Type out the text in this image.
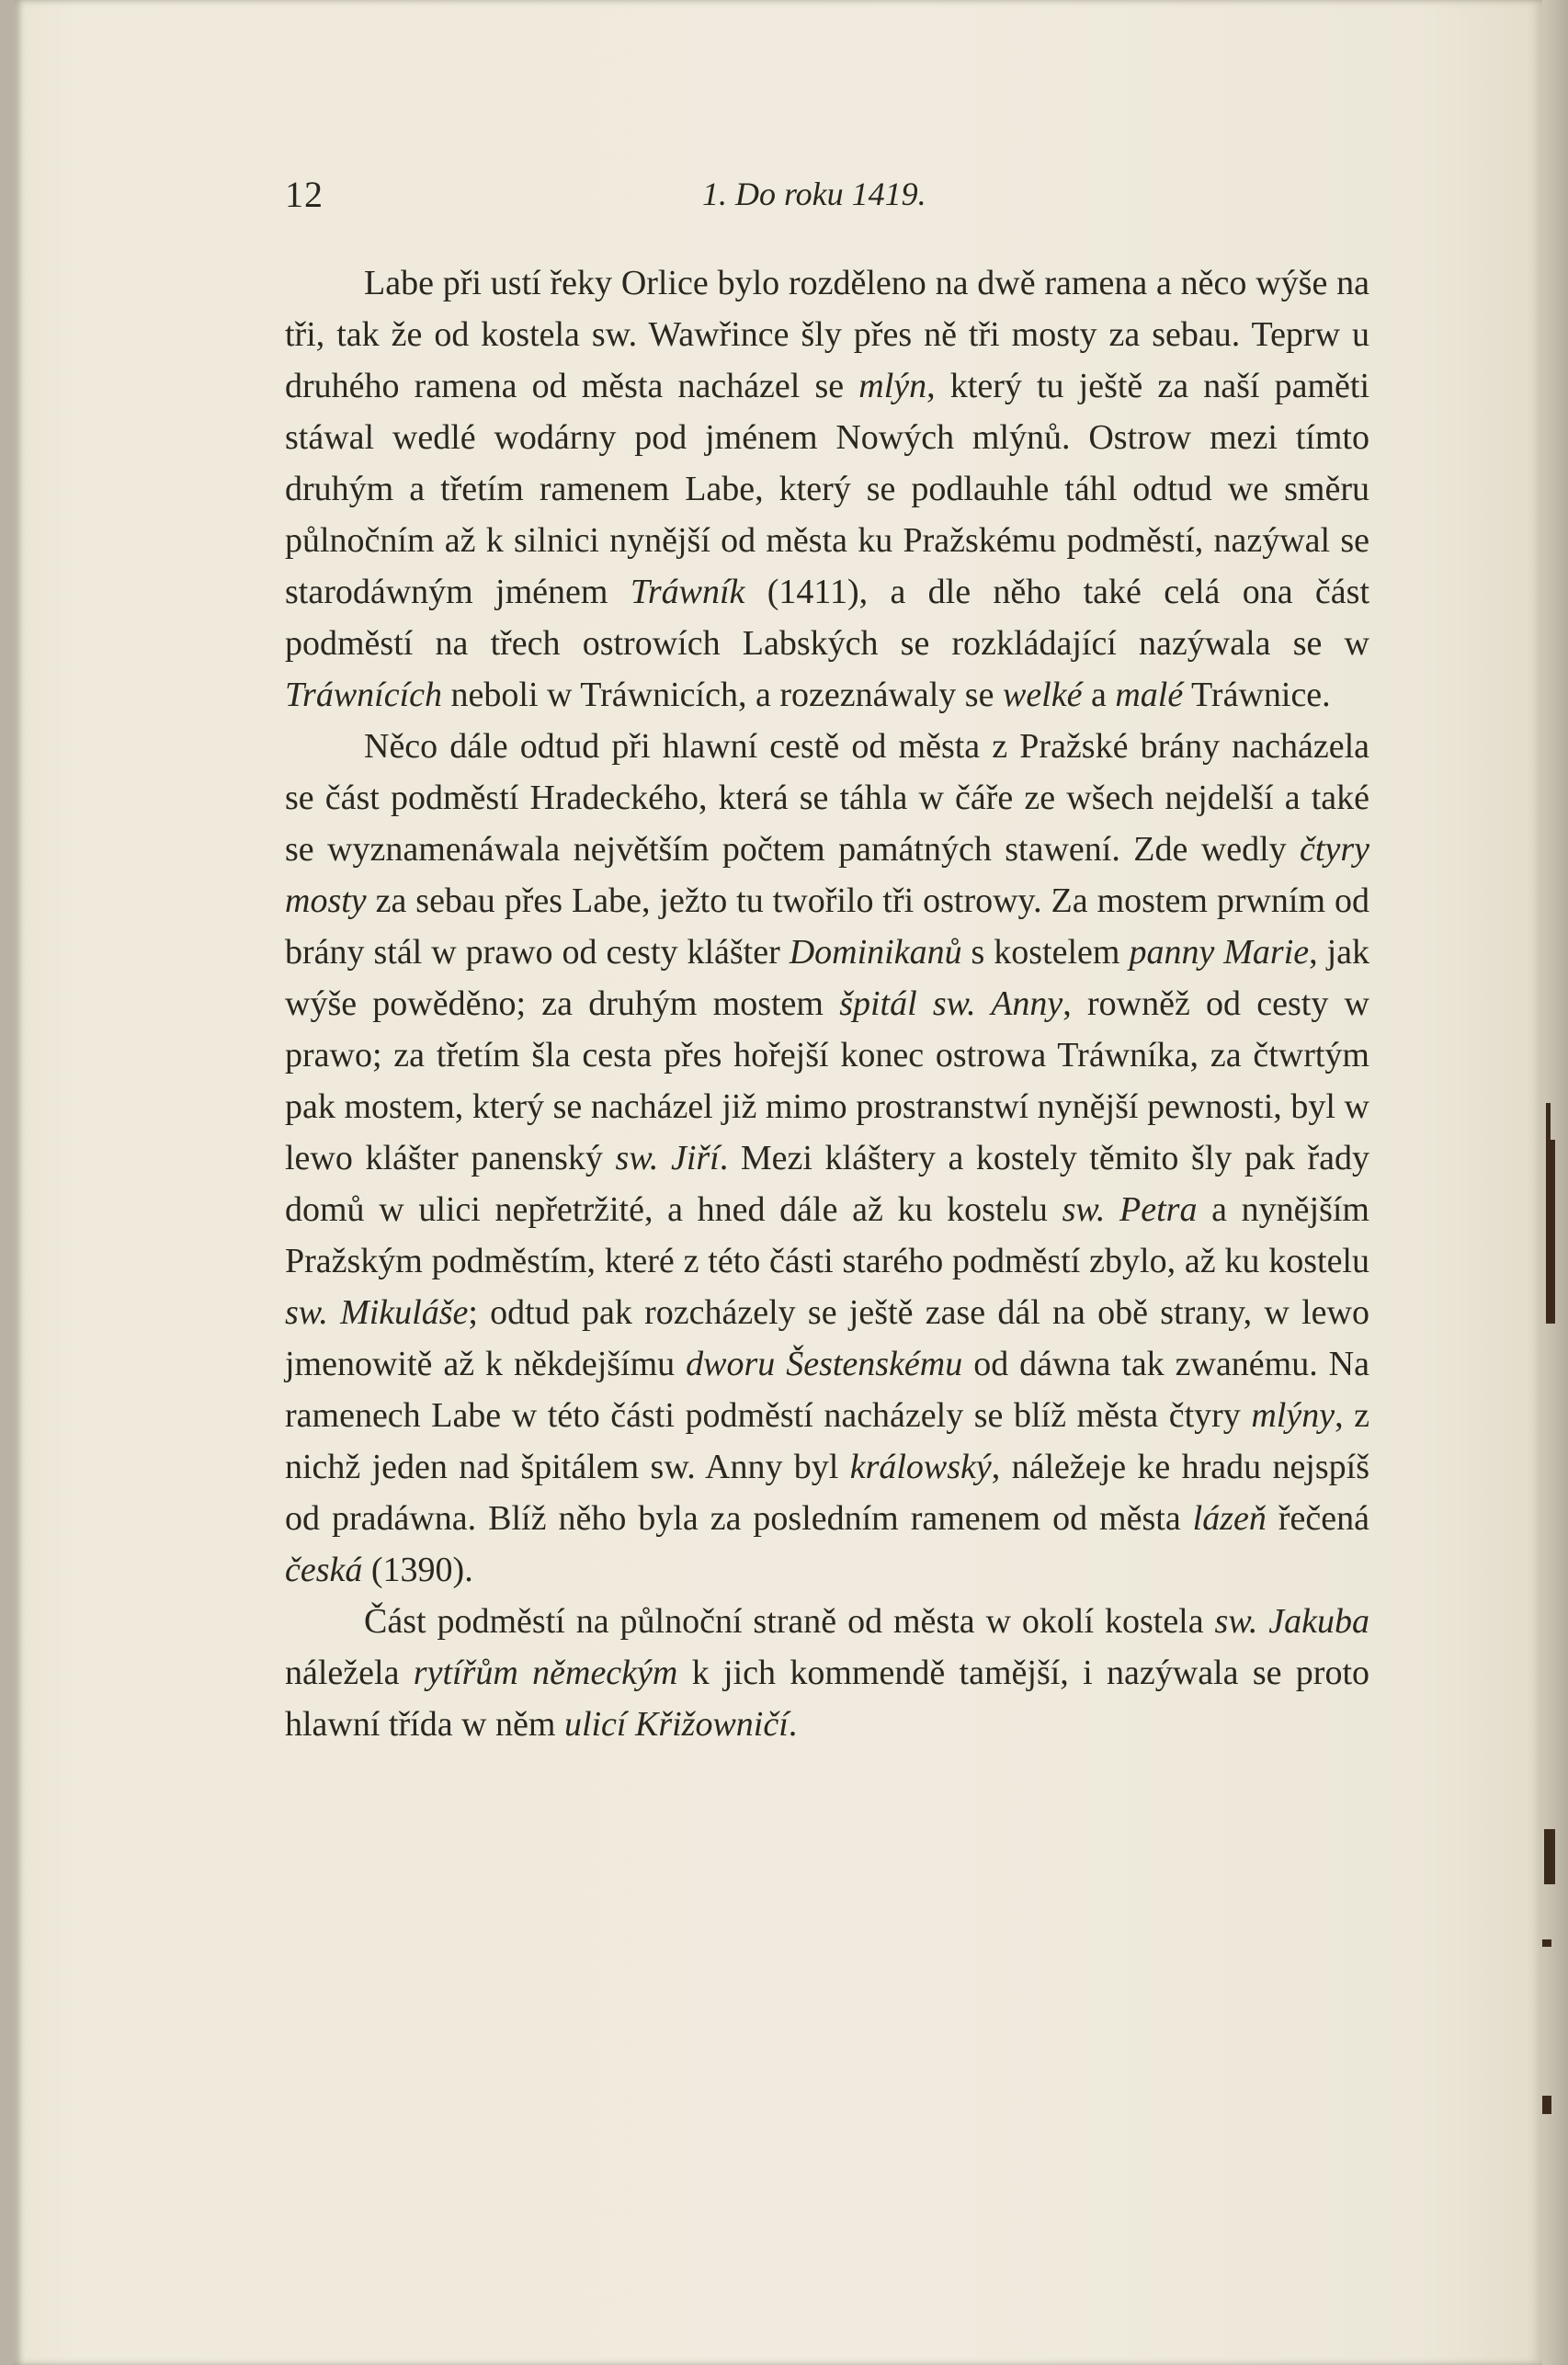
12	1. Do roku 1419.

Labe při ustí řeky Orlice bylo rozděleno na dwě ramena a něco wýše na tři, tak že od kostela sw. Wawřince šly přes ně tři mosty za sebau. Teprw u druhého ramena od města nacházel se mlýn, který tu ještě za naší paměti stáwal wedlé wodárny pod jménem Nowých mlýnů. Ostrow mezi tímto druhým a třetím ramenem Labe, který se podlauhle táhl odtud we směru půlnočním až k silnici nynější od města ku Pražskému podměstí, nazýwal se starodáwným jménem Tráwník (1411), a dle něho také celá ona část podměstí na třech ostrowích Labských se rozkládající nazýwala se w Tráwnících neboli w Tráwnicích, a rozeznáwaly se welké a malé Tráwnice.

Něco dále odtud při hlawní cestě od města z Pražské brány nacházela se část podměstí Hradeckého, která se táhla w čáře ze wšech nejdelší a také se wyznamenáwala největším počtem památných stawení. Zde wedly čtyry mosty za sebau přes Labe, ježto tu twořilo tři ostrowy. Za mostem prwním od brány stál w prawo od cesty klášter Dominikanů s kostelem panny Marie, jak wýše powěděno; za druhým mostem špitál sw. Anny, rowněž od cesty w prawo; za třetím šla cesta přes hořejší konec ostrowa Tráwníka, za čtwrtým pak mostem, který se nacházel již mimo prostranstwí nynější pewnosti, byl w lewo klášter panenský sw. Jiří. Mezi kláštery a kostely těmito šly pak řady domů w ulici nepřetržité, a hned dále až ku kostelu sw. Petra a nynějším Pražským podměstím, které z této části starého podměstí zbylo, až ku kostelu sw. Mikuláše; odtud pak rozcházely se ještě zase dál na obě strany, w lewo jmenowitě až k někdejšímu dworu Šestenskému od dáwna tak zwanému. Na ramenech Labe w této části podměstí nacházely se blíž města čtyry mlýny, z nichž jeden nad špitálem sw. Anny byl králowský, náležeje ke hradu nejspíš od pradáwna. Blíž něho byla za posledním ramenem od města lázeň řečená česká (1390).

Část podměstí na půlnoční straně od města w okolí kostela sw. Jakuba náležela rytířům německým k jich kommendě tamější, i nazýwala se proto hlawní třída w něm ulicí Křižowničí.
